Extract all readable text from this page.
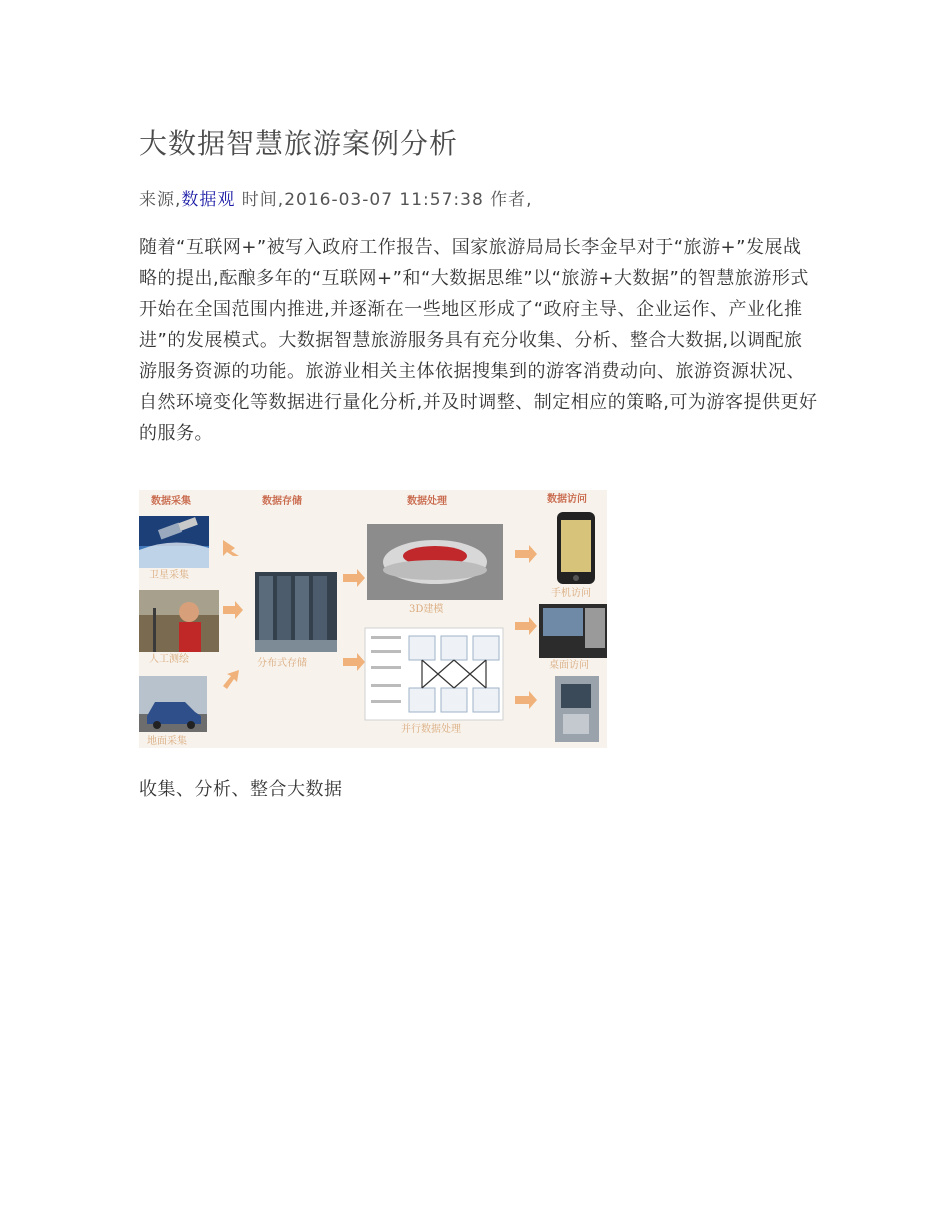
大数据智慧旅游案例分析
来源,数据观 时间,2016-03-07 11:57:38 作者,

随着“互联网+”被写入政府工作报告、国家旅游局局长李金早对于“旅游+”发展战略的提出,酝酿多年的“互联网+”和“大数据思维”以“旅游+大数据”的智慧旅游形式开始在全国范围内推进,并逐渐在一些地区形成了“政府主导、企业运作、产业化推进”的发展模式。大数据智慧旅游服务具有充分收集、分析、整合大数据,以调配旅游服务资源的功能。旅游业相关主体依据搜集到的游客消费动向、旅游资源状况、自然环境变化等数据进行量化分析,并及时调整、制定相应的策略,可为游客提供更好的服务。

数据采集	数据存储	数据处理	数据访问
卫星采集
人工测绘
地面采集
分布式存储
3D建模
并行数据处理
手机访问
桌面访问
收集、分析、整合大数据
